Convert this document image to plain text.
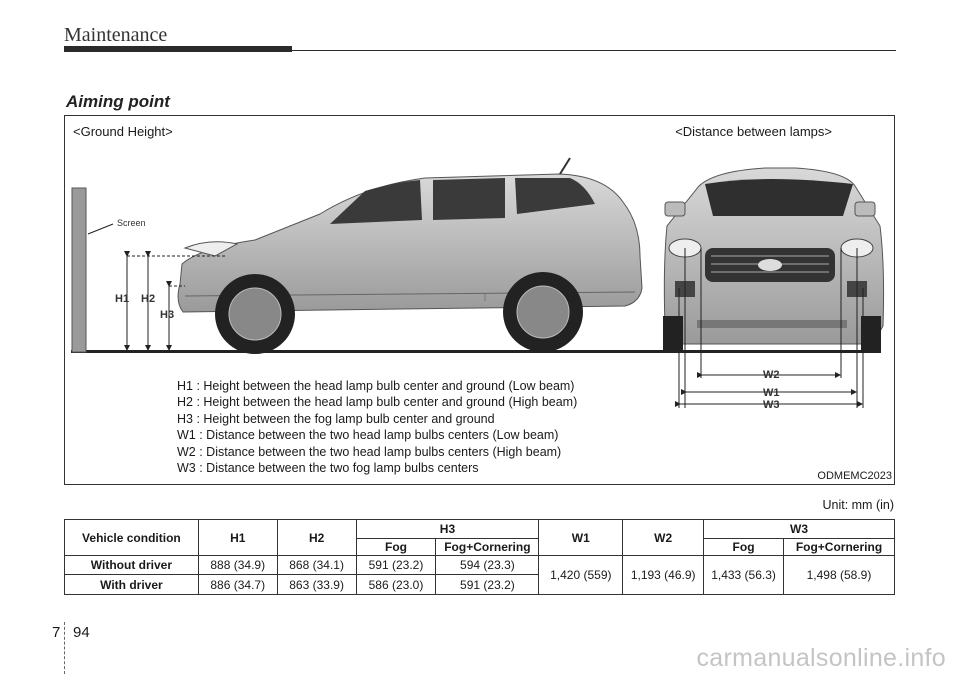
Maintenance
Aiming point
<Ground Height>	<Distance between lamps>
Screen
H1 H2
H3
W2
W1
W3
H1 : Height between the head lamp bulb center and ground (Low beam)
H2 : Height between the head lamp bulb center and ground (High beam)
H3 : Height between the fog lamp bulb center and ground
W1 : Distance between the two head lamp bulbs centers (Low beam)
W2 : Distance between the two head lamp bulbs centers (High beam)
W3 : Distance between the two fog lamp bulbs centers
ODMEMC2023
Unit: mm (in)
Vehicle condition	H1	H2	H3		W1	W2	W3	
			Fog	Fog+Cornering			Fog	Fog+Cornering
Without driver	888 (34.9)	868 (34.1)	591 (23.2)	594 (23.3)	1,420 (559)	1,193 (46.9)	1,433 (56.3)	1,498 (58.9)
With driver	886 (34.7)	863 (33.9)	586 (23.0)	591 (23.2)				
7 94
carmanualsonline.info
